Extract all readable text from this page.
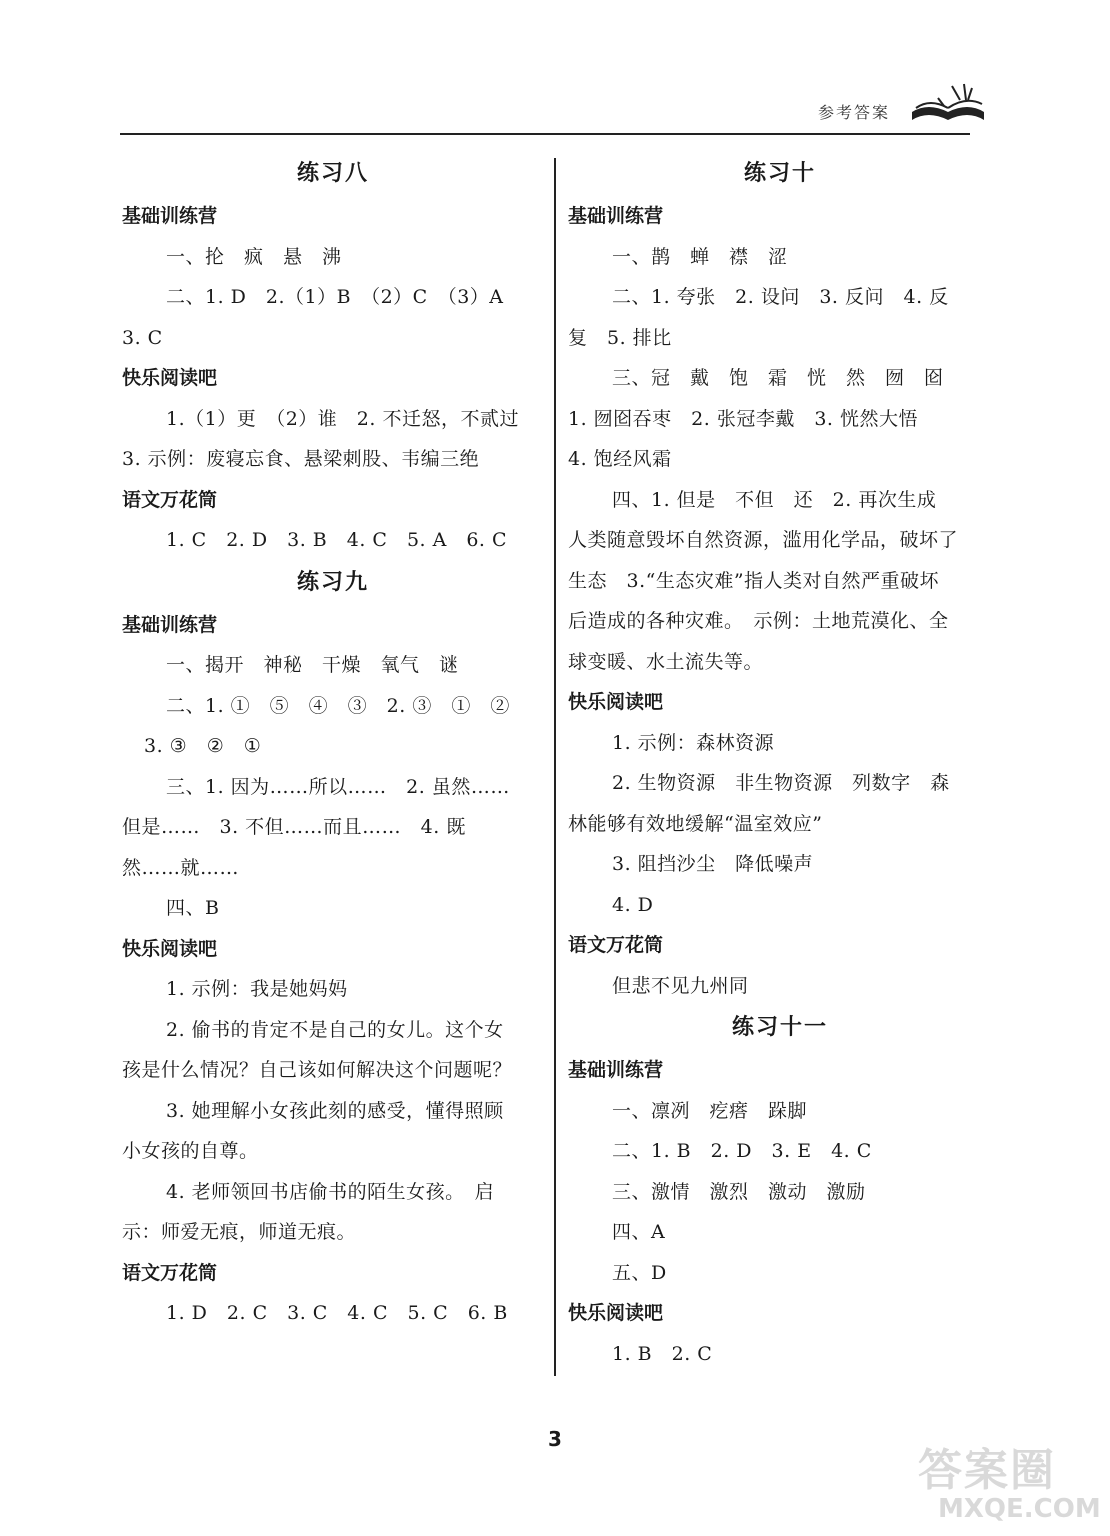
参考答案
练习八
基础训练营
一、抡　疯　悬　沸
二、1. D　2.（1）B　（2）C　（3）A
3. C
快乐阅读吧
1.（1）更　（2）谁　2. 不迁怒，不贰过
3. 示例：废寝忘食、悬梁刺股、韦编三绝
语文万花筒
1. C　2. D　3. B　4. C　5. A　6. C
练习九
基础训练营
一、揭开　神秘　干燥　氧气　谜
二、1. ①　⑤　④　③　2. ③　①　②
3. ③　②　①
三、1. 因为……所以……　2. 虽然……
但是……　3. 不但……而且……　4. 既
然……就……
四、B
快乐阅读吧
1. 示例：我是她妈妈
2. 偷书的肯定不是自己的女儿。这个女
孩是什么情况？自己该如何解决这个问题呢？
3. 她理解小女孩此刻的感受，懂得照顾
小女孩的自尊。
4. 老师领回书店偷书的陌生女孩。　启
示：师爱无痕，师道无痕。
语文万花筒
1. D　2. C　3. C　4. C　5. C　6. B
练习十
基础训练营
一、鹊　蝉　襟　涩
二、1. 夸张　2. 设问　3. 反问　4. 反
复　5. 排比
三、冠　戴　饱　霜　恍　然　囫　囵
1. 囫囵吞枣　2. 张冠李戴　3. 恍然大悟
4. 饱经风霜
四、1. 但是　不但　还　2. 再次生成
人类随意毁坏自然资源，滥用化学品，破坏了
生态　3.“生态灾难”指人类对自然严重破坏
后造成的各种灾难。　示例：土地荒漠化、全
球变暖、水土流失等。
快乐阅读吧
1. 示例：森林资源
2. 生物资源　非生物资源　列数字　森
林能够有效地缓解“温室效应”
3. 阻挡沙尘　降低噪声
4. D
语文万花筒
但悲不见九州同
练习十一
基础训练营
一、凛冽　疙瘩　跺脚
二、1. B　2. D　3. E　4. C
三、激情　激烈　激动　激励
四、A
五、D
快乐阅读吧
1. B　2. C
3
答案圈
MXQE.COM
